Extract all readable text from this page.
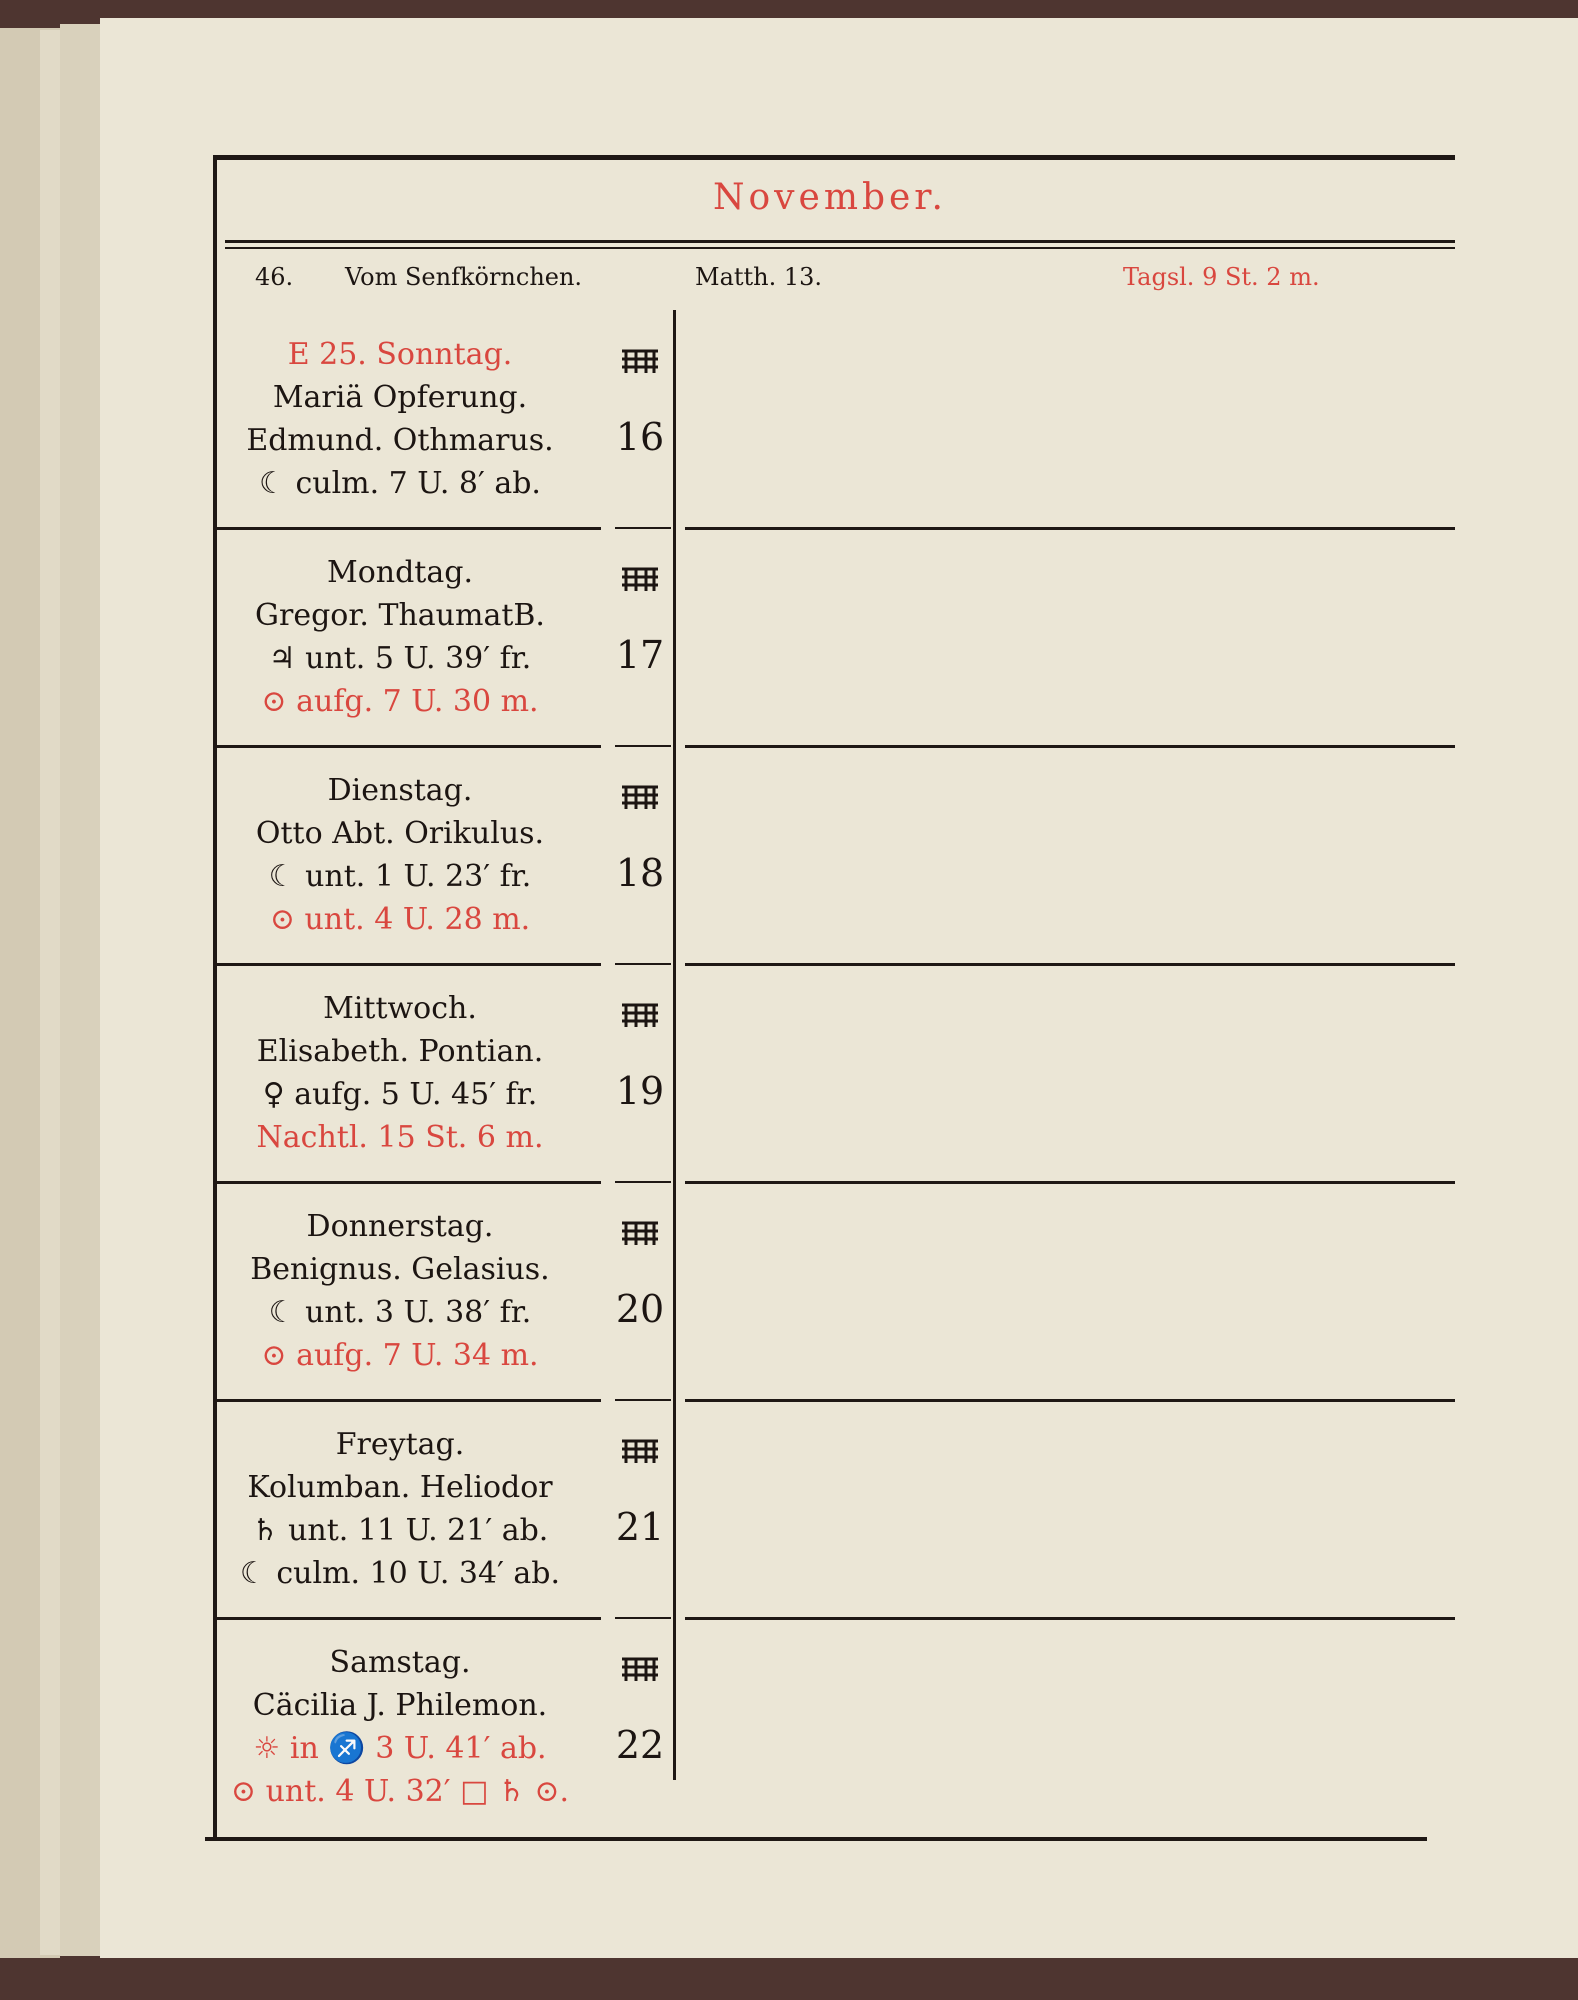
November.
46. Vom Senfkörnchen.	Matth. 13.	Tagsl. 9 St. 2 m.
E 25. Sonntag.
Mariä Opferung.
Edmund. Othmarus.
☾ culm. 7 U. 8′ ab.
16
Mondtag.
Gregor. ThaumatB.
♃ unt. 5 U. 39′ fr.
⊙ aufg. 7 U. 30 m.
17
Dienstag.
Otto Abt. Orikulus.
☾ unt. 1 U. 23′ fr.
⊙ unt. 4 U. 28 m.
18
Mittwoch.
Elisabeth. Pontian.
♀ aufg. 5 U. 45′ fr.
Nachtl. 15 St. 6 m.
19
Donnerstag.
Benignus. Gelasius.
☾ unt. 3 U. 38′ fr.
⊙ aufg. 7 U. 34 m.
20
Freytag.
Kolumban. Heliodor
♄ unt. 11 U. 21′ ab.
☾ culm. 10 U. 34′ ab.
21
Samstag.
Cäcilia J. Philemon.
☼ in ♐ 3 U. 41′ ab.
⊙ unt. 4 U. 32′ □ ♄ ⊙.
22
